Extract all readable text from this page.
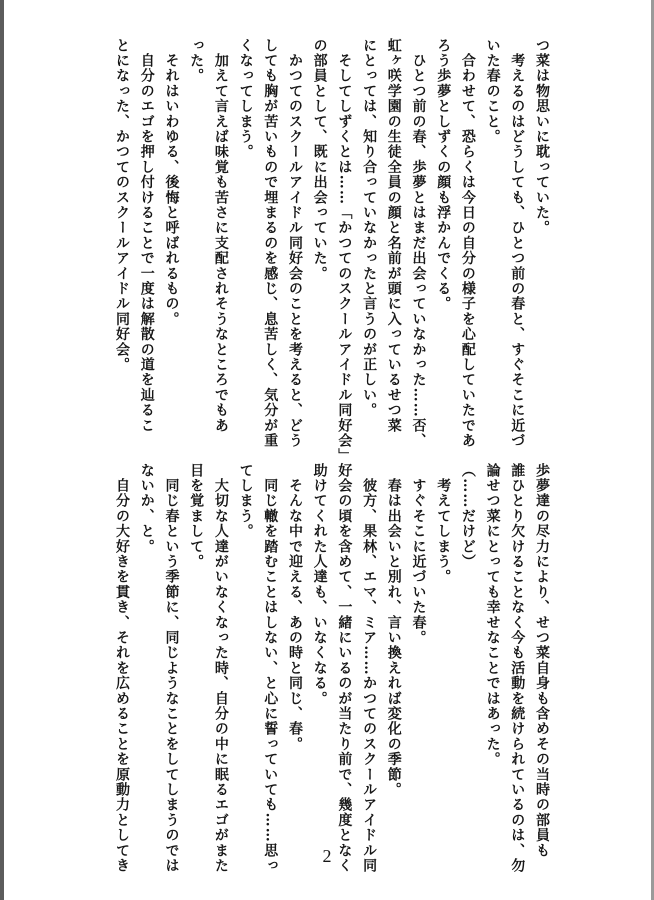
つ菜は物思いに耽っていた。

　考えるのはどうしても、ひとつ前の春と、すぐそこに近づ

いた春のこと。

　合わせて、恐らくは今日の自分の様子を心配していたであ

ろう歩夢としずくの顔も浮かんでくる。

　ひとつ前の春、歩夢とはまだ出会っていなかった……否、

虹ヶ咲学園の生徒全員の顔と名前が頭に入っているせつ菜

にとっては、知り合っていなかったと言うのが正しい。

　そしてしずくとは……「かつてのスクールアイドル同好会」

の部員として、既に出会っていた。

　かつてのスクールアイドル同好会のことを考えると、どう

しても胸が苦いもので埋まるのを感じ、息苦しく、気分が重

くなってしまう。

　加えて言えば味覚も苦さに支配されそうなところでもあ

った。

　それはいわゆる、後悔と呼ばれるもの。

　自分のエゴを押し付けることで一度は解散の道を辿るこ

とになった、かつてのスクールアイドル同好会。

歩夢達の尽力により、せつ菜自身も含めその当時の部員も

誰ひとり欠けることなく今も活動を続けられているのは、勿

論せつ菜にとっても幸せなことではあった。

（……だけど）

　考えてしまう。

　すぐそこに近づいた春。

　春は出会いと別れ、言い換えれば変化の季節。

　彼方、果林、エマ、ミア……かつてのスクールアイドル同

好会の頃を含めて、一緒にいるのが当たり前で、幾度となく

助けてくれた人達も、いなくなる。

　そんな中で迎える、あの時と同じ、春。

　同じ轍を踏むことはしない、と心に誓っていても……思っ

てしまう。

　大切な人達がいなくなった時、自分の中に眠るエゴがまた

目を覚まして。

　同じ春という季節に、同じようなことをしてしまうのでは

ないか、と。

　自分の大好きを貫き、それを広めることを原動力としてき	2
